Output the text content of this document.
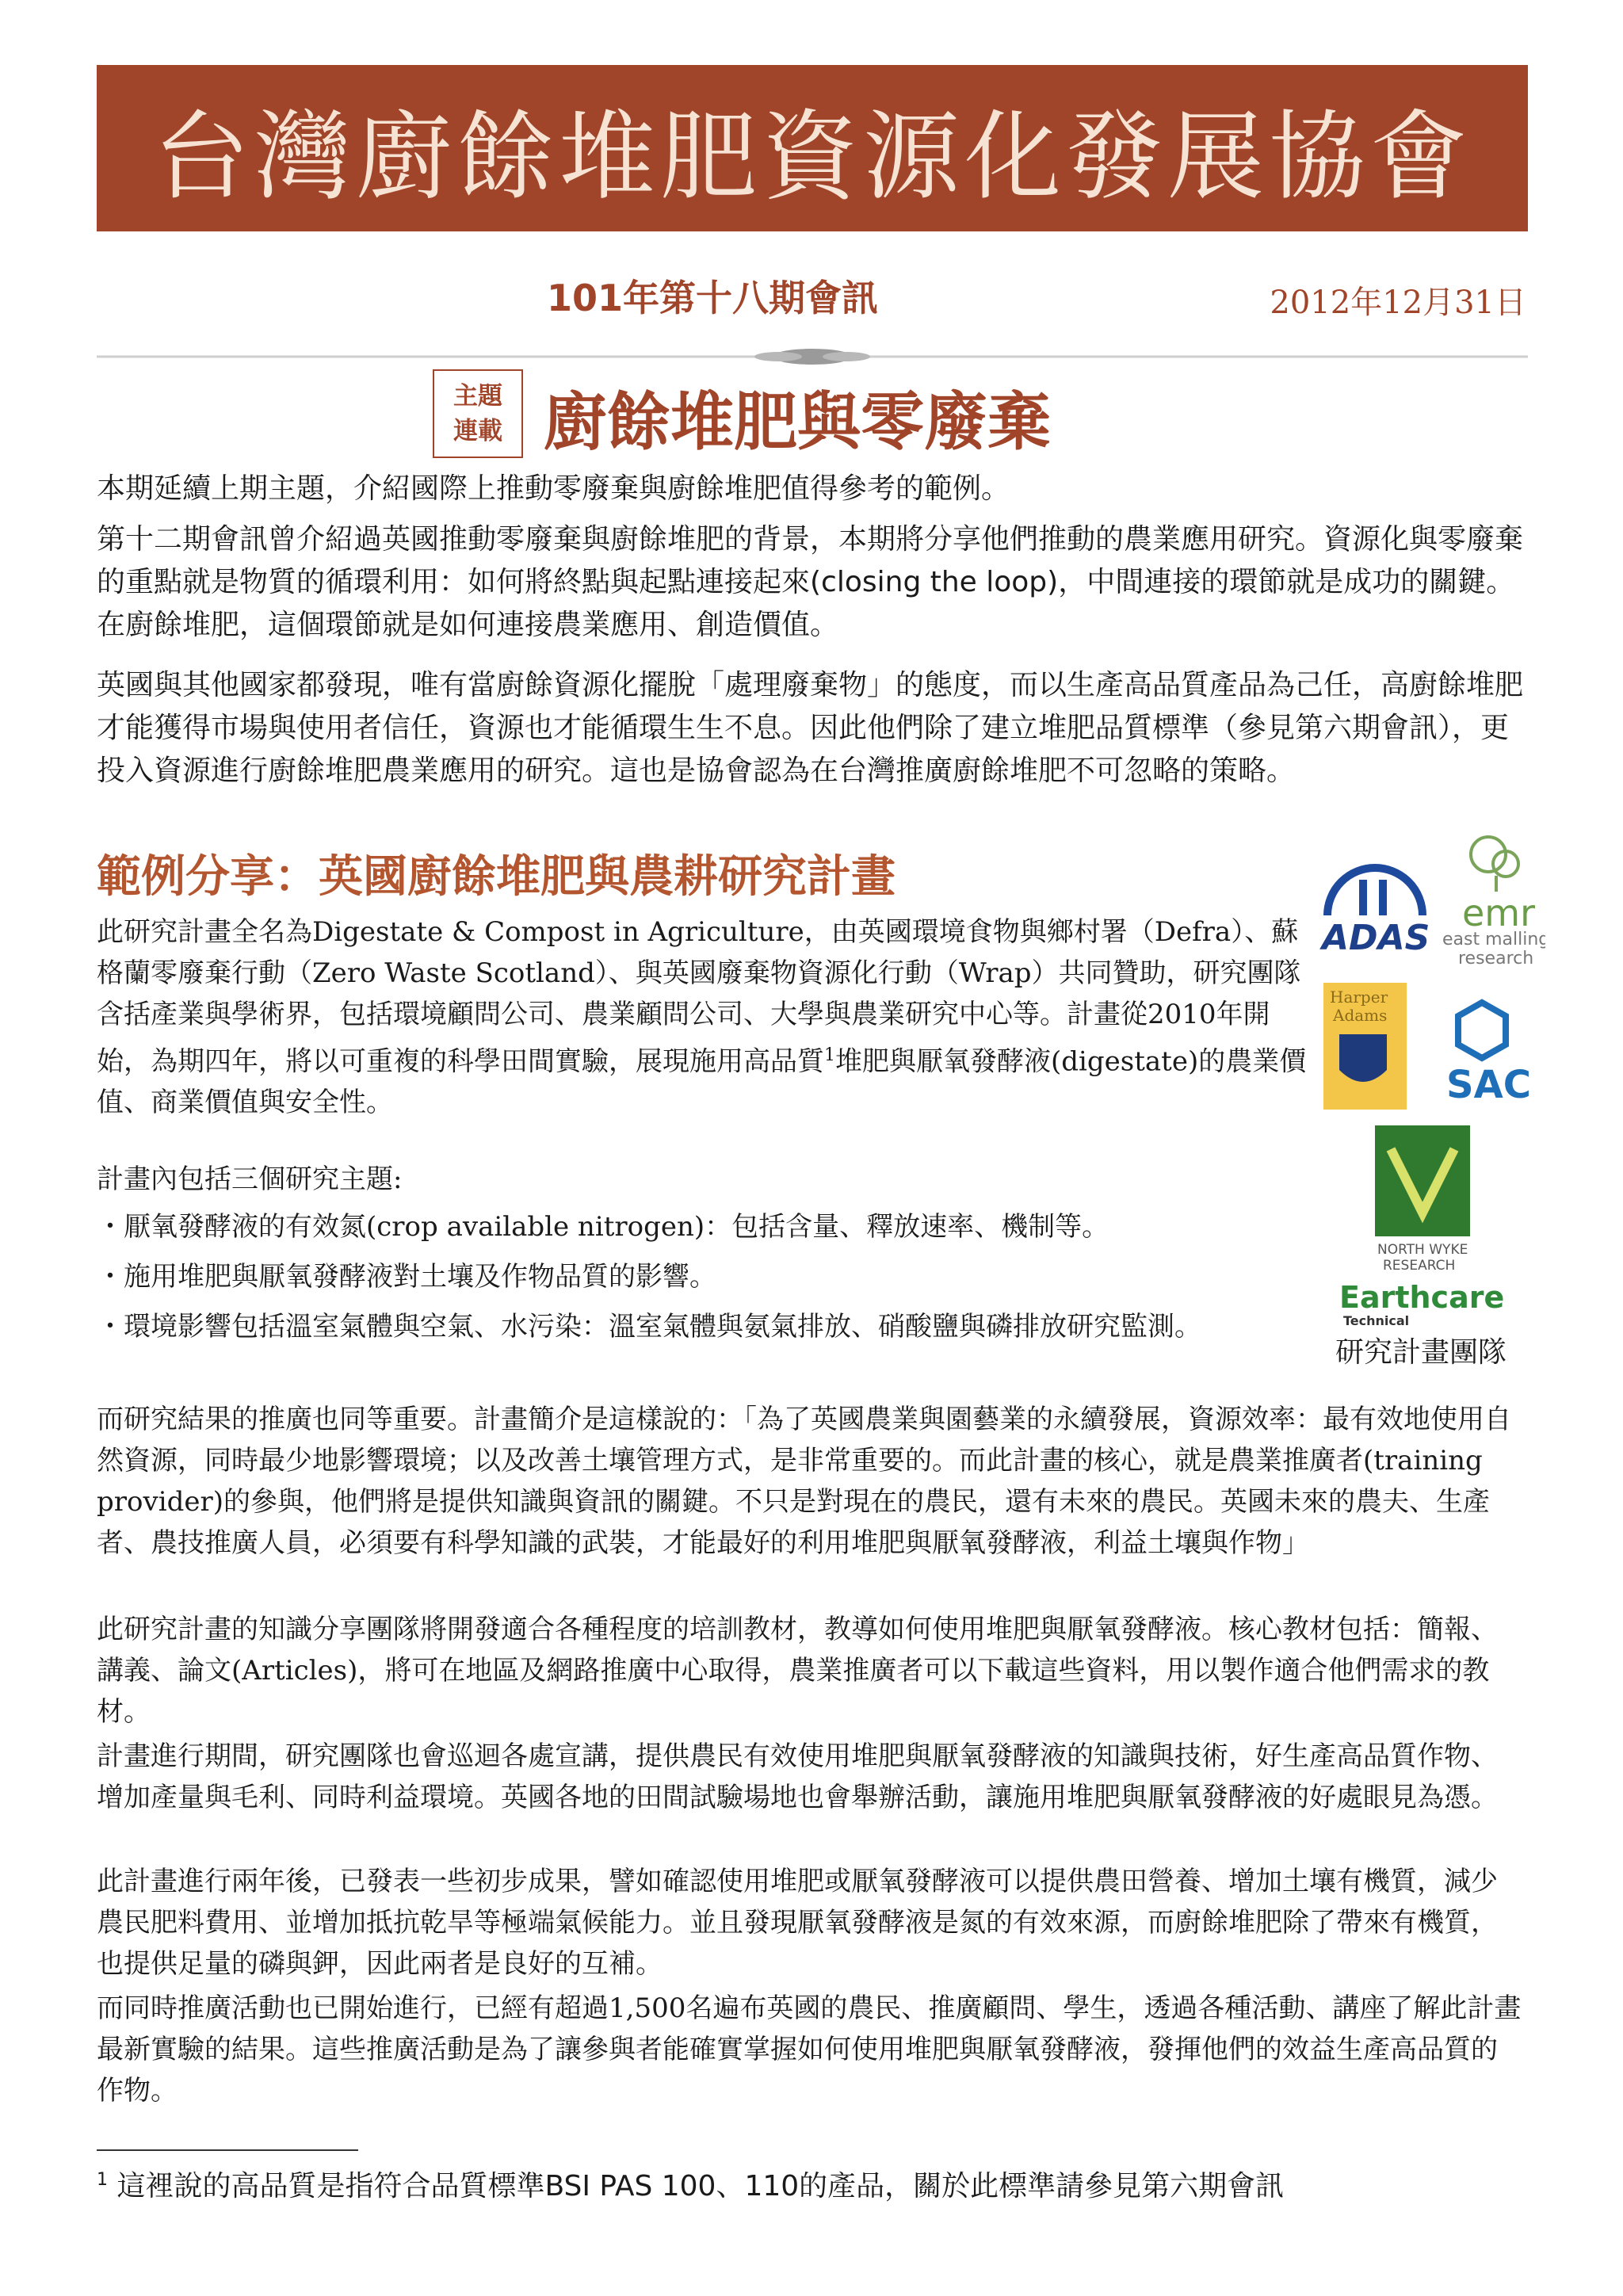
台灣廚餘堆肥資源化發展協會
101年第十八期會訊	2012年12月31日
主題
連載 廚餘堆肥與零廢棄
本期延續上期主題，介紹國際上推動零廢棄與廚餘堆肥值得參考的範例。
第十二期會訊曾介紹過英國推動零廢棄與廚餘堆肥的背景，本期將分享他們推動的農業應用研究。資源化與零廢棄的重點就是物質的循環利用：如何將終點與起點連接起來(closing the loop)，中間連接的環節就是成功的關鍵。在廚餘堆肥，這個環節就是如何連接農業應用、創造價值。
英國與其他國家都發現，唯有當廚餘資源化擺脫「處理廢棄物」的態度，而以生產高品質產品為己任，高廚餘堆肥才能獲得市場與使用者信任，資源也才能循環生生不息。因此他們除了建立堆肥品質標準（參見第六期會訊），更投入資源進行廚餘堆肥農業應用的研究。這也是協會認為在台灣推廣廚餘堆肥不可忽略的策略。
範例分享：英國廚餘堆肥與農耕研究計畫
此研究計畫全名為Digestate & Compost in Agriculture，由英國環境食物與鄉村署（Defra）、蘇格蘭零廢棄行動（Zero Waste Scotland）、與英國廢棄物資源化行動（Wrap）共同贊助，研究團隊含括產業與學術界，包括環境顧問公司、農業顧問公司、大學與農業研究中心等。計畫從2010年開始，為期四年，將以可重複的科學田間實驗，展現施用高品質$^1$堆肥與厭氧發酵液(digestate)的農業價值、商業價值與安全性。
計畫內包括三個研究主題:
・厭氧發酵液的有效氮(crop available nitrogen)：包括含量、釋放速率、機制等。
・施用堆肥與厭氧發酵液對土壤及作物品質的影響。
・環境影響包括溫室氣體與空氣、水污染：溫室氣體與氨氣排放、硝酸鹽與磷排放研究監測。
ADAS
emr
east malling
research
Harper
Adams
SAC
NORTH WYKE
RESEARCH
Earthcare
Technical
研究計畫團隊
而研究結果的推廣也同等重要。計畫簡介是這樣說的：「為了英國農業與園藝業的永續發展，資源效率：最有效地使用自然資源，同時最少地影響環境；以及改善土壤管理方式，是非常重要的。而此計畫的核心，就是農業推廣者(training provider)的參與，他們將是提供知識與資訊的關鍵。不只是對現在的農民，還有未來的農民。英國未來的農夫、生產者、農技推廣人員，必須要有科學知識的武裝，才能最好的利用堆肥與厭氧發酵液，利益土壤與作物」
此研究計畫的知識分享團隊將開發適合各種程度的培訓教材，教導如何使用堆肥與厭氧發酵液。核心教材包括：簡報、講義、論文(Articles)，將可在地區及網路推廣中心取得，農業推廣者可以下載這些資料，用以製作適合他們需求的教材。
計畫進行期間，研究團隊也會巡迴各處宣講，提供農民有效使用堆肥與厭氧發酵液的知識與技術，好生產高品質作物、增加產量與毛利、同時利益環境。英國各地的田間試驗場地也會舉辦活動，讓施用堆肥與厭氧發酵液的好處眼見為憑。
此計畫進行兩年後，已發表一些初步成果，譬如確認使用堆肥或厭氧發酵液可以提供農田營養、增加土壤有機質，減少農民肥料費用、並增加抵抗乾旱等極端氣候能力。並且發現厭氧發酵液是氮的有效來源，而廚餘堆肥除了帶來有機質，也提供足量的磷與鉀，因此兩者是良好的互補。
而同時推廣活動也已開始進行，已經有超過1,500名遍布英國的農民、推廣顧問、學生，透過各種活動、講座了解此計畫最新實驗的結果。這些推廣活動是為了讓參與者能確實掌握如何使用堆肥與厭氧發酵液，發揮他們的效益生產高品質的作物。
$^1$ 這裡說的高品質是指符合品質標準BSI PAS 100、110的產品，關於此標準請參見第六期會訊
